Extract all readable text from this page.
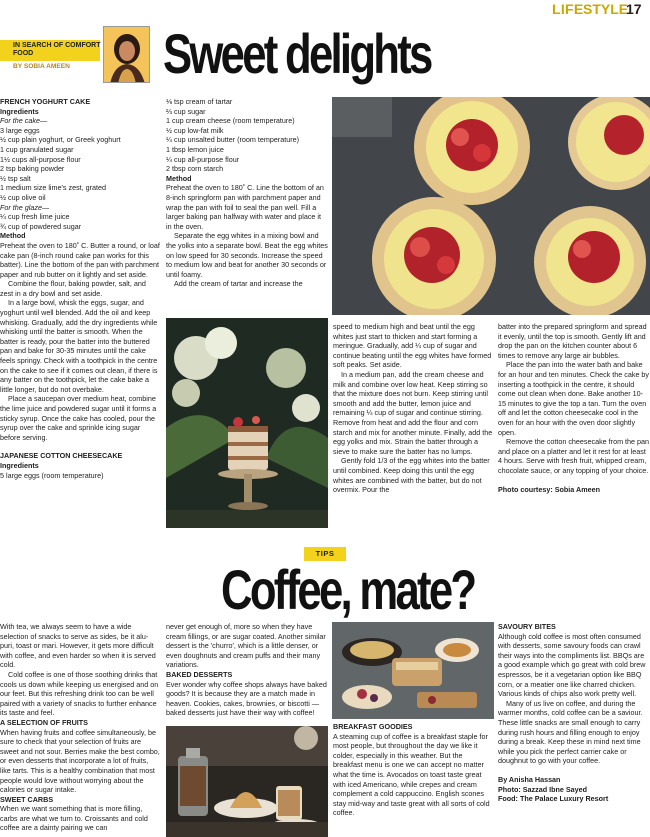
LIFE STYLE
17
IN SEARCH OF COMFORT FOOD
BY SOBIA AMEEN Sweet delights

FRENCH YOGHURT CAKE

Ingredients

For the cake—

3 large eggs

½ cup plain yoghurt, or Greek yoghurt

1 cup granulated sugar

1½ cups all-purpose flour

2 tsp baking powder

½ tsp salt

1 medium size lime's zest, grated

½ cup olive oil

For the glaze—

¼ cup fresh lime juice

¾ cup of powdered sugar

Method

Preheat the oven to 180˚ C. Butter a round, or loaf cake pan (8-inch round cake pan works for this batter). Line the bottom of the pan with parchment paper and rub butter on it lightly and set aside.

Combine the flour, baking powder, salt, and zest in a dry bowl and set aside.

In a large bowl, whisk the eggs, sugar, and yoghurt until well blended. Add the oil and keep whisking. Gradually, add the dry ingredients while whisking until the batter is smooth. When the batter is ready, pour the batter into the buttered pan and bake for 30-35 minutes until the cake feels springy. Check with a toothpick in the centre on the cake to see if it comes out clean, if there is any batter on the toothpick, let the cake bake a little longer, but do not overbake.

Place a saucepan over medium heat, combine the lime juice and powdered sugar until it forms a sticky syrup. Once the cake has cooled, pour the syrup over the cake and sprinkle icing sugar before serving.

JAPANESE COTTON CHEESECAKE

Ingredients

5 large eggs (room temperature)

⅛ tsp cream of tartar

⅔ cup sugar

1 cup cream cheese (room temperature)

½ cup low-fat milk

¼ cup unsalted butter (room temperature)

1 tbsp lemon juice

¼ cup all-purpose flour

2 tbsp corn starch

Method

Preheat the oven to 180˚ C. Line the bottom of an 8-inch springform pan with parchment paper and wrap the pan with foil to seal the pan well. Fill a larger baking pan halfway with water and place it in the oven.

Separate the egg whites in a mixing bowl and the yolks into a separate bowl. Beat the egg whites on low speed for 30 seconds. Increase the speed to medium low and beat for another 30 seconds or until foamy.

Add the cream of tartar and increase the

speed to medium high and beat until the egg whites just start to thicken and start forming a meringue. Gradually, add ¼ cup of sugar and continue beating until the egg whites have formed soft peaks. Set aside.

In a medium pan, add the cream cheese and milk and combine over low heat. Keep stirring so that the mixture does not burn. Keep stirring until smooth and add the butter, lemon juice and remaining ¼ cup of sugar and continue stirring. Remove from heat and add the flour and corn starch and mix for another minute. Finally, add the egg yolks and mix. Strain the batter through a sieve to make sure the batter has no lumps.

Gently fold 1/3 of the egg whites into the batter until combined. Keep doing this until the egg whites are combined with the batter, but do not overmix. Pour the

batter into the prepared springform and spread it evenly, until the top is smooth. Gently lift and drop the pan on the kitchen counter about 6 times to remove any large air bubbles.

Place the pan into the water bath and bake for an hour and ten minutes. Check the cake by inserting a toothpick in the centre, it should come out clean when done. Bake another 10-15 minutes to give the top a tan. Turn the oven off and let the cotton cheesecake cool in the oven for an hour with the oven door slightly open.

Remove the cotton cheesecake from the pan and place on a platter and let it rest for at least 4 hours. Serve with fresh fruit, whipped cream, chocolate sauce, or any topping of your choice.

Photo courtesy: Sobia Ameen

TIPS
Coffee, mate?

With tea, we always seem to have a wide selection of snacks to serve as sides, be it alu-puri, toast or mari. However, it gets more difficult with coffee, and even harder so when it is served cold.

Cold coffee is one of those soothing drinks that cools us down while keeping us energised and on our feet. But this refreshing drink too can be well paired with a variety of snacks to further enhance its taste and feel.

A SELECTION OF FRUITS

When having fruits and coffee simultaneously, be sure to check that your selection of fruits are sweet and not sour. Berries make the best combo, or even desserts that incorporate a lot of fruits, like tarts. This is a healthy combination that most people would love without worrying about the calories or sugar intake.

SWEET CARBS

When we want something that is more filling, carbs are what we turn to. Croissants and cold coffee are a dainty pairing we can

never get enough of, more so when they have cream fillings, or are sugar coated. Another similar dessert is the 'churro', which is a little denser, or even doughnuts and cream puffs and their many variations.

BAKED DESSERTS

Ever wonder why coffee shops always have baked goods? It is because they are a match made in heaven. Cookies, cakes, brownies, or biscotti — baked desserts just have their way with coffee!

BREAKFAST GOODIES

A steaming cup of coffee is a breakfast staple for most people, but throughout the day we like it colder, especially in this weather. But the breakfast menu is one we can accept no matter what the time is. Avocados on toast taste great with iced Americano, while crepes and cream complement a cold cappuccino. English scones stay mid-way and taste great with all sorts of cold coffee.

SAVOURY BITES

Although cold coffee is most often consumed with desserts, some savoury foods can crawl their ways into the compliments list. BBQs are a good example which go great with cold brew espressos, be it a vegetarian option like BBQ corn, or a meatier one like charred chicken. Various kinds of chips also work pretty well.

Many of us live on coffee, and during the warmer months, cold coffee can be a saviour. These little snacks are small enough to carry during rush hours and filling enough to enjoy during a break. Keep these in mind next time while you pick the perfect carrier cake or doughnut to go with your coffee.

By Anisha Hassan

Photo: Sazzad Ibne Sayed

Food: The Palace Luxury Resort
